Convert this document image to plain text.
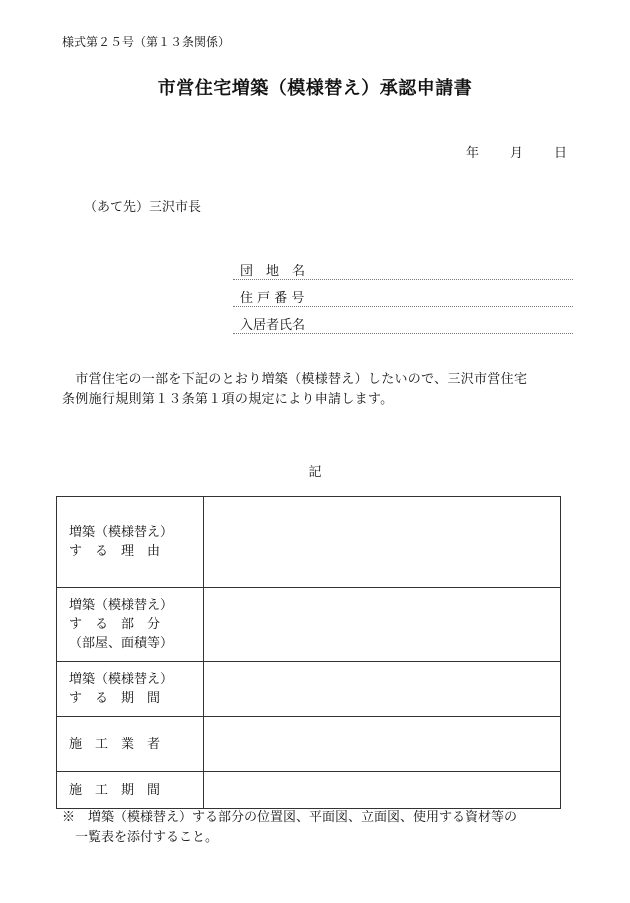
様式第２５号（第１３条関係）
市営住宅増築（模様替え）承認申請書
年 月 日
（あて先）三沢市長
団　地　名
住 戸 番 号
入居者氏名

　市営住宅の一部を下記のとおり増築（模様替え）したいので、三沢市営住宅

条例施行規則第１３条第１項の規定により申請します。

記
増築（模様替え）
す　る　理　由	

増築（模様替え）
す　る　部　分
（部屋、面積等）	

増築（模様替え）
す　る　期　間	

施　工　業　者	

施　工　期　間	

※　増築（模様替え）する部分の位置図、平面図、立面図、使用する資材等の

　一覧表を添付すること。
